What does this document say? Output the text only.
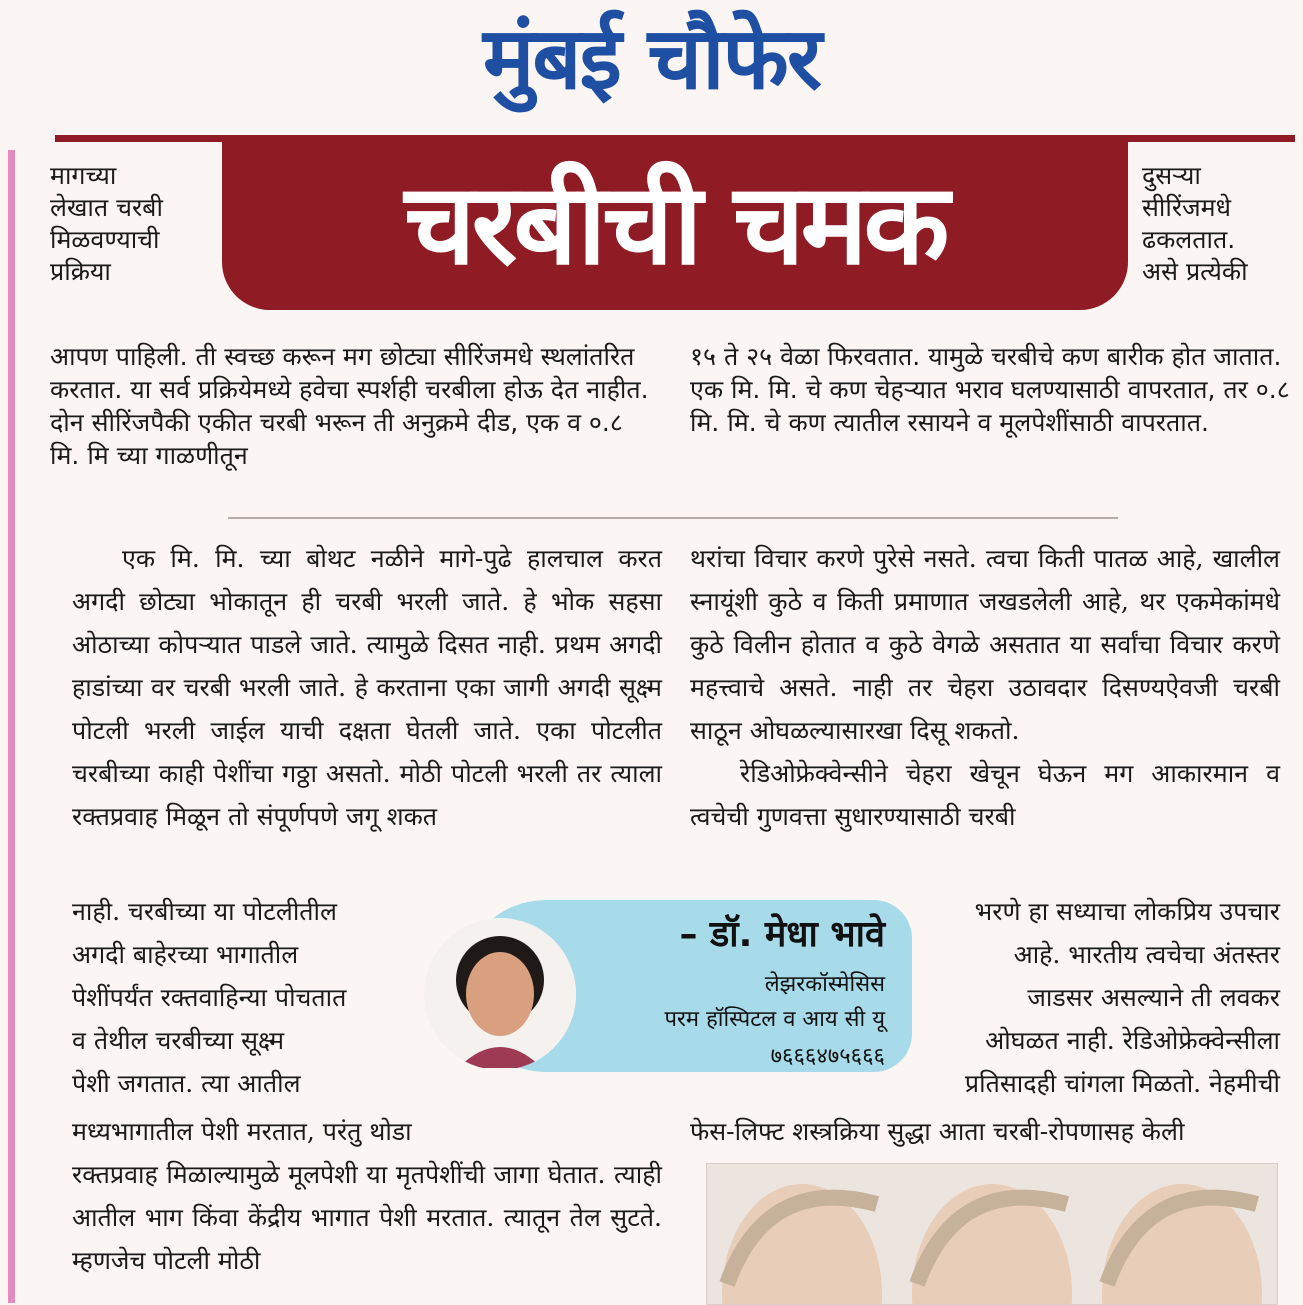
मुंबई चौफेर
चरबीची चमक
मागच्या
लेखात चरबी
मिळवण्याची
प्रक्रिया
दुसऱ्या
सीरिंजमधे
ढकलतात.
असे प्रत्येकी
आपण पाहिली. ती स्वच्छ करून मग छोट्या सीरिंजमधे स्थलांतरित करतात. या सर्व प्रक्रियेमध्ये हवेचा स्पर्शही चरबीला होऊ देत नाहीत. दोन सीरिंजपैकी एकीत चरबी भरून ती अनुक्रमे दीड, एक व ०.८ मि. मि च्या गाळणीतून
१५ ते २५ वेळा फिरवतात. यामुळे चरबीचे कण बारीक होत जातात. एक मि. मि. चे कण चेहऱ्यात भराव घलण्यासाठी वापरतात, तर ०.८ मि. मि. चे कण त्यातील रसायने व मूलपेशींसाठी वापरतात.
एक मि. मि. च्या बोथट नळीने मागे-पुढे हालचाल करत अगदी छोट्या भोकातून ही चरबी भरली जाते. हे भोक सहसा ओठाच्या कोपऱ्यात पाडले जाते. त्यामुळे दिसत नाही. प्रथम अगदी हाडांच्या वर चरबी भरली जाते. हे करताना एका जागी अगदी सूक्ष्म पोटली भरली जाईल याची दक्षता घेतली जाते. एका पोटलीत चरबीच्या काही पेशींचा गठ्ठा असतो. मोठी पोटली भरली तर त्याला रक्तप्रवाह मिळून तो संपूर्णपणे जगू शकत
नाही. चरबीच्या या पोटलीतील
अगदी बाहेरच्या भागातील
पेशींपर्यंत रक्तवाहिन्या पोचतात
व तेथील चरबीच्या सूक्ष्म
पेशी जगतात. त्या आतील
मध्यभागातील पेशी मरतात, परंतु थोडा
रक्तप्रवाह मिळाल्यामुळे मूलपेशी या मृतपेशींची जागा घेतात. त्याही आतील भाग किंवा केंद्रीय भागात पेशी मरतात. त्यातून तेल सुटते. म्हणजेच पोटली मोठी
थरांचा विचार करणे पुरेसे नसते. त्वचा किती पातळ आहे, खालील स्नायूंशी कुठे व किती प्रमाणात जखडलेली आहे, थर एकमेकांमधे कुठे विलीन होतात व कुठे वेगळे असतात या सर्वांचा विचार करणे महत्त्वाचे असते. नाही तर चेहरा उठावदार दिसण्यऐवजी चरबी साठून ओघळल्यासारखा दिसू शकतो.
रेडिओफ्रेक्वेन्सीने चेहरा खेचून घेऊन मग आकारमान व त्वचेची गुणवत्ता सुधारण्यासाठी चरबी
भरणे हा सध्याचा लोकप्रिय उपचार
आहे. भारतीय त्वचेचा अंतस्तर
जाडसर असल्याने ती लवकर
ओघळत नाही. रेडिओफ्रेक्वेन्सीला
प्रतिसादही चांगला मिळतो. नेहमीची
फेस-लिफ्ट शस्त्रक्रिया सुद्धा आता चरबी-रोपणासह केली
– डॉ. मेधा भावे
लेझरकॉस्मेसिस
परम हॉस्पिटल व आय सी यू
७६६६४७५६६६
